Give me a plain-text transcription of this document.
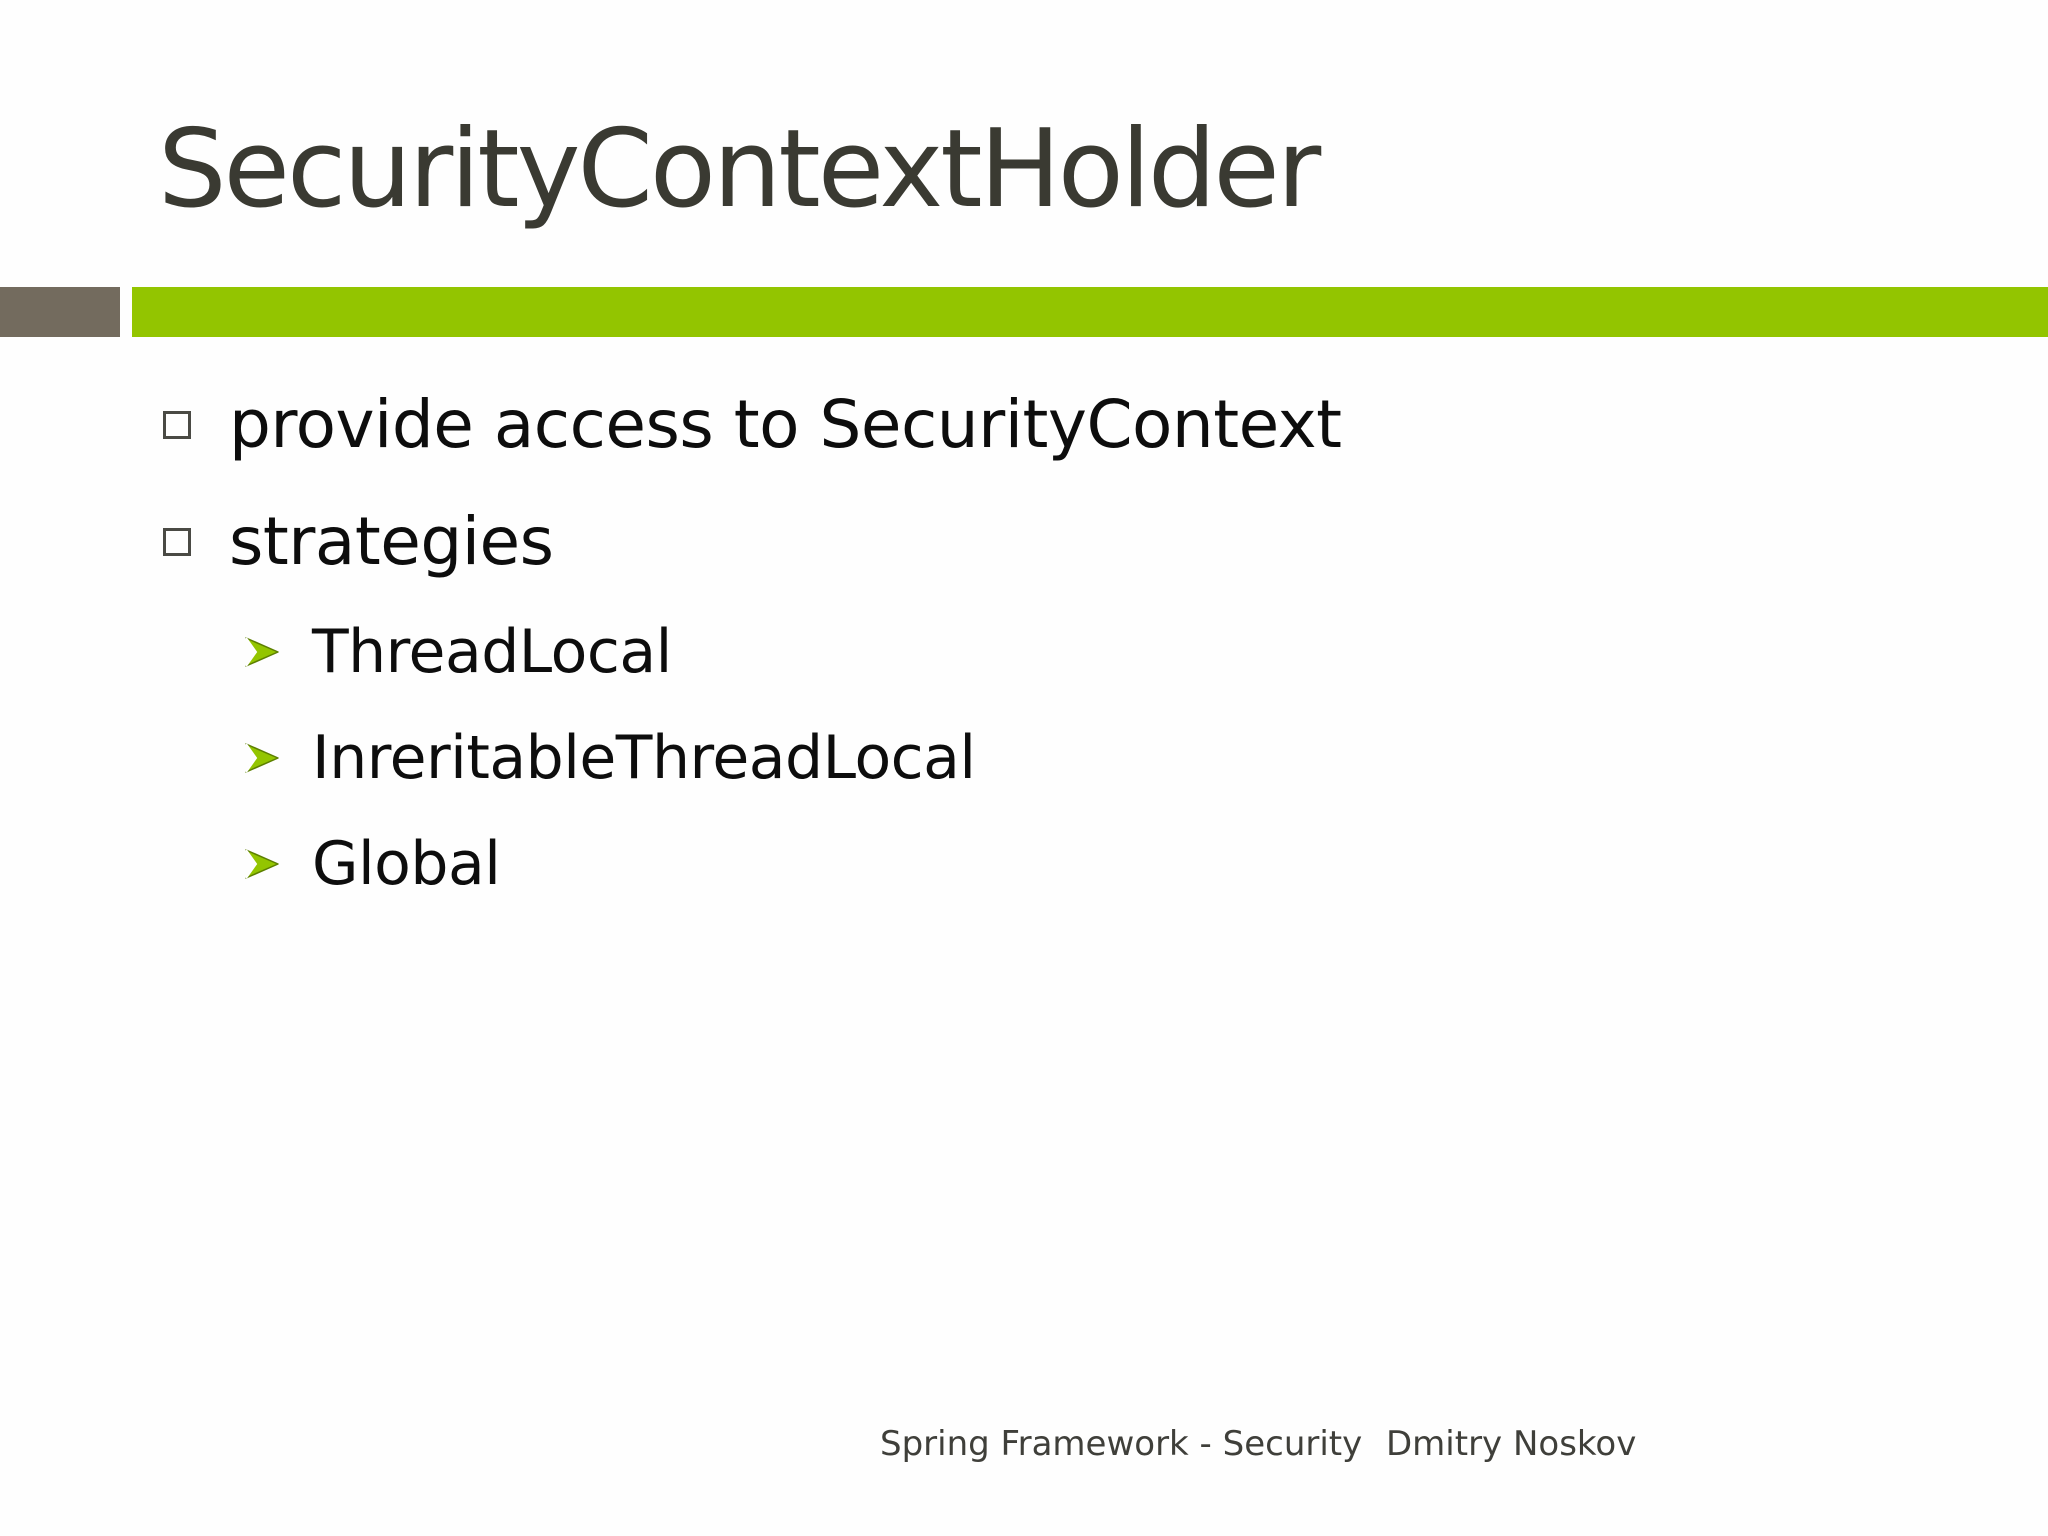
SecurityContextHolder
provide access to SecurityContext
strategies
ThreadLocal
InreritableThreadLocal
Global
Spring Framework - Security Dmitry Noskov
